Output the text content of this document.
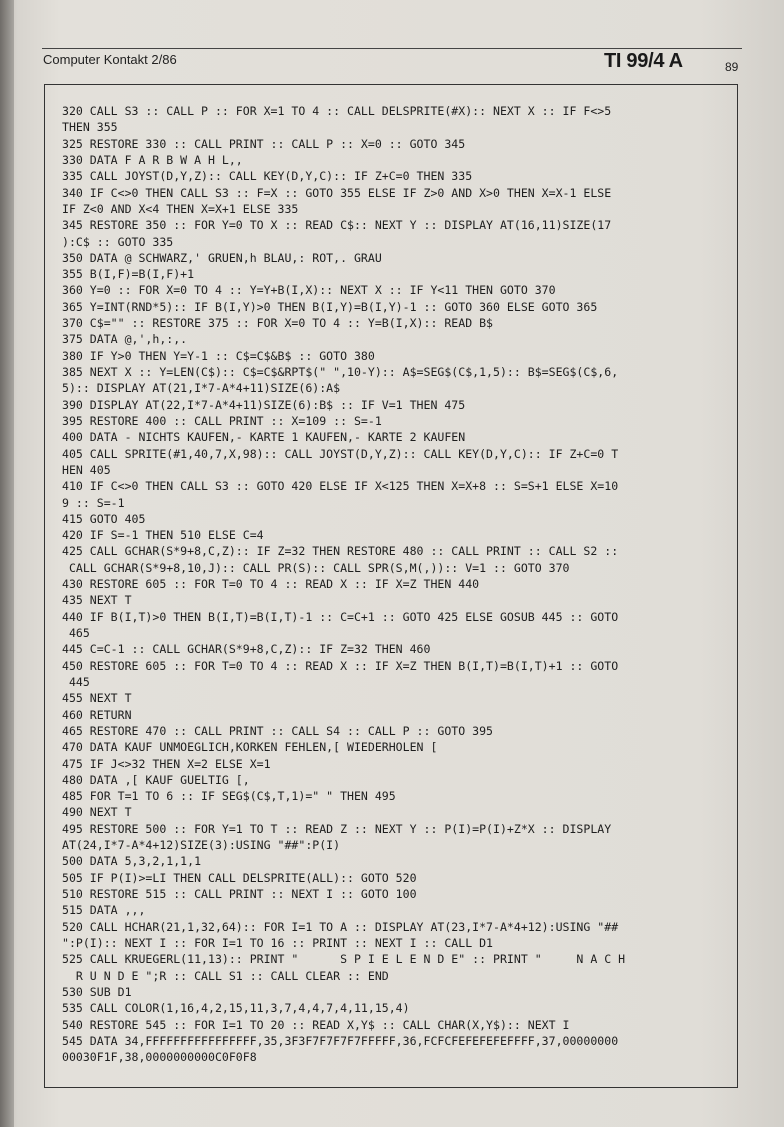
Computer Kontakt 2/86	TI 99/4 A	89
320 CALL S3 :: CALL P :: FOR X=1 TO 4 :: CALL DELSPRITE(#X):: NEXT X :: IF F<>5
THEN 355
325 RESTORE 330 :: CALL PRINT :: CALL P :: X=0 :: GOTO 345
330 DATA F A R B W A H L,,
335 CALL JOYST(D,Y,Z):: CALL KEY(D,Y,C):: IF Z+C=0 THEN 335
340 IF C<>0 THEN CALL S3 :: F=X :: GOTO 355 ELSE IF Z>0 AND X>0 THEN X=X-1 ELSE
IF Z<0 AND X<4 THEN X=X+1 ELSE 335
345 RESTORE 350 :: FOR Y=0 TO X :: READ C$:: NEXT Y :: DISPLAY AT(16,11)SIZE(17
):C$ :: GOTO 335
350 DATA @ SCHWARZ,' GRUEN,h BLAU,: ROT,. GRAU
355 B(I,F)=B(I,F)+1
360 Y=0 :: FOR X=0 TO 4 :: Y=Y+B(I,X):: NEXT X :: IF Y<11 THEN GOTO 370
365 Y=INT(RND*5):: IF B(I,Y)>0 THEN B(I,Y)=B(I,Y)-1 :: GOTO 360 ELSE GOTO 365
370 C$="" :: RESTORE 375 :: FOR X=0 TO 4 :: Y=B(I,X):: READ B$
375 DATA @,',h,:,.
380 IF Y>0 THEN Y=Y-1 :: C$=C$&B$ :: GOTO 380
385 NEXT X :: Y=LEN(C$):: C$=C$&RPT$(" ",10-Y):: A$=SEG$(C$,1,5):: B$=SEG$(C$,6,
5):: DISPLAY AT(21,I*7-A*4+11)SIZE(6):A$
390 DISPLAY AT(22,I*7-A*4+11)SIZE(6):B$ :: IF V=1 THEN 475
395 RESTORE 400 :: CALL PRINT :: X=109 :: S=-1
400 DATA - NICHTS KAUFEN,- KARTE 1 KAUFEN,- KARTE 2 KAUFEN
405 CALL SPRITE(#1,40,7,X,98):: CALL JOYST(D,Y,Z):: CALL KEY(D,Y,C):: IF Z+C=0 T
HEN 405
410 IF C<>0 THEN CALL S3 :: GOTO 420 ELSE IF X<125 THEN X=X+8 :: S=S+1 ELSE X=10
9 :: S=-1
415 GOTO 405
420 IF S=-1 THEN 510 ELSE C=4
425 CALL GCHAR(S*9+8,C,Z):: IF Z=32 THEN RESTORE 480 :: CALL PRINT :: CALL S2 ::
CALL GCHAR(S*9+8,10,J):: CALL PR(S):: CALL SPR(S,M(,)):: V=1 :: GOTO 370
430 RESTORE 605 :: FOR T=0 TO 4 :: READ X :: IF X=Z THEN 440
435 NEXT T
440 IF B(I,T)>0 THEN B(I,T)=B(I,T)-1 :: C=C+1 :: GOTO 425 ELSE GOSUB 445 :: GOTO
465
445 C=C-1 :: CALL GCHAR(S*9+8,C,Z):: IF Z=32 THEN 460
450 RESTORE 605 :: FOR T=0 TO 4 :: READ X :: IF X=Z THEN B(I,T)=B(I,T)+1 :: GOTO
445
455 NEXT T
460 RETURN
465 RESTORE 470 :: CALL PRINT :: CALL S4 :: CALL P :: GOTO 395
470 DATA KAUF UNMOEGLICH,KORKEN FEHLEN,[ WIEDERHOLEN [
475 IF J<>32 THEN X=2 ELSE X=1
480 DATA ,[ KAUF GUELTIG [,
485 FOR T=1 TO 6 :: IF SEG$(C$,T,1)=" " THEN 495
490 NEXT T
495 RESTORE 500 :: FOR Y=1 TO T :: READ Z :: NEXT Y :: P(I)=P(I)+Z*X :: DISPLAY
AT(24,I*7-A*4+12)SIZE(3):USING "##":P(I)
500 DATA 5,3,2,1,1,1
505 IF P(I)>=LI THEN CALL DELSPRITE(ALL):: GOTO 520
510 RESTORE 515 :: CALL PRINT :: NEXT I :: GOTO 100
515 DATA ,,,
520 CALL HCHAR(21,1,32,64):: FOR I=1 TO A :: DISPLAY AT(23,I*7-A*4+12):USING "##
":P(I):: NEXT I :: FOR I=1 TO 16 :: PRINT :: NEXT I :: CALL D1
525 CALL KRUEGERL(11,13):: PRINT "      S P I E L E N D E" :: PRINT "     N A C H
R U N D E ";R :: CALL S1 :: CALL CLEAR :: END
530 SUB D1
535 CALL COLOR(1,16,4,2,15,11,3,7,4,4,7,4,11,15,4)
540 RESTORE 545 :: FOR I=1 TO 20 :: READ X,Y$ :: CALL CHAR(X,Y$):: NEXT I
545 DATA 34,FFFFFFFFFFFFFFFF,35,3F3F7F7F7F7FFFFF,36,FCFCFEFEFEFEFFFF,37,00000000
00030F1F,38,0000000000C0F0F8
